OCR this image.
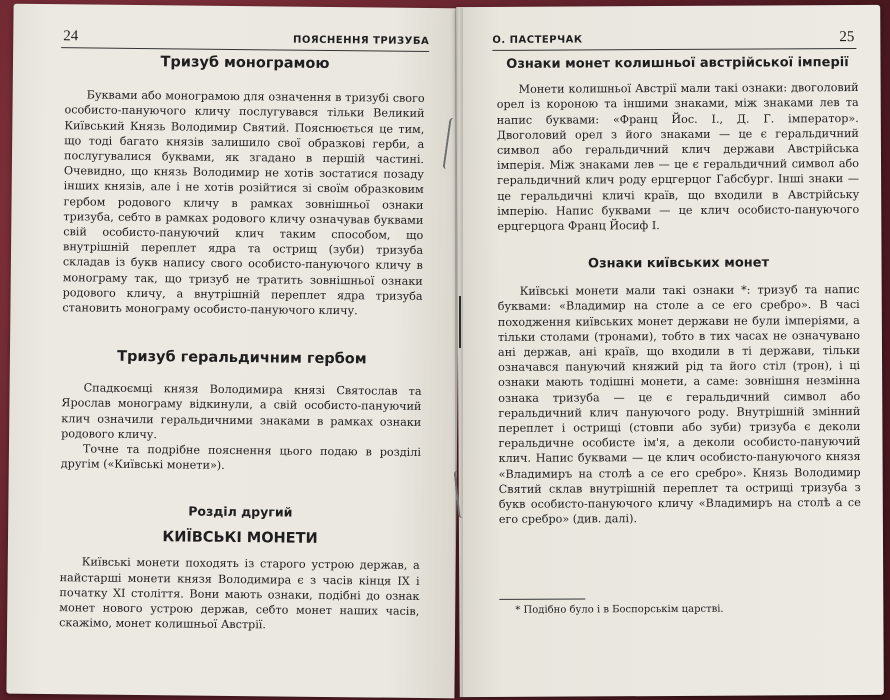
24	ПОЯСНЕННЯ ТРИЗУБА
Тризуб монограмою

Буквами або монограмою для означення в тризубі свого особисто-пануючого кличу послугувався тільки Великий Київський Князь Володимир Святий. Пояснюється це тим, що тоді багато князів залишило свої образкові герби, а послугувалися буквами, як згадано в першій частині. Очевидно, що князь Володимир не хотів зостатися позаду інших князів, але і не хотів розійтися зі своїм образковим гербом родового кличу в рамках зовнішньої ознаки тризуба, себто в рамках родового кличу означував буквами свій особисто-пануючий клич таким способом, що внутрішній переплет ядра та острищ (зуби) тризуба складав із букв напису свого особисто-пануючого кличу в монограму так, що тризуб не тратить зовнішньої ознаки родового кличу, а внутрішній переплет ядра тризуба становить монограму особисто-пануючого кличу.

Тризуб геральдичним гербом

Спадкоємці князя Володимира князі Святослав та Ярослав монограму відкинули, а свій особисто-пануючий клич означили геральдичними знаками в рамках ознаки родового кличу.

Точне та подрібне пояснення цього подаю в розділі другім («Київські монети»).

Розділ другий
КИЇВСЬКІ МОНЕТИ

Київські монети походять із старого устрою держав, а найстарші монети князя Володимира є з часів кінця IX і початку XI століття. Вони мають ознаки, подібні до ознак монет нового устрою держав, себто монет наших часів, скажімо, монет колишньої Австрії.

О. ПАСТЕРЧАК	25
Ознаки монет колишньої австрійської імперії

Монети колишньої Австрії мали такі ознаки: двоголовий орел із короною та іншими знаками, між знаками лев та напис буквами: «Франц Йос. І., Д. Г. імператор». Двоголовий орел з його знаками — це є геральдичний символ або геральдичний клич держави Австрійська імперія. Між знаками лев — це є геральдичний символ або геральдичний клич роду ерцгерцог Габсбург. Інші знаки — це геральдичні кличі країв, що входили в Австрійську імперію. Напис буквами — це клич особисто-пануючого ерцгерцога Франц Йосиф І.

Ознаки київських монет

Київські монети мали такі ознаки *: тризуб та напис буквами: «Владимир на столе а се его сребро». В часі походження київських монет держави не були імперіями, а тільки столами (тронами), тобто в тих часах не означувано ані держав, ані країв, що входили в ті держави, тільки означався пануючий княжий рід та його стіл (трон), і ці ознаки мають тодішні монети, а саме: зовнішня незмінна ознака тризуба — це є геральдичний символ або геральдичний клич пануючого роду. Внутрішній змінний переплет і острищі (стовпи або зуби) тризуба є деколи геральдичне особисте ім'я, а деколи особисто-пануючий клич. Напис буквами — це клич особисто-пануючого князя «Владимиръ на столѣ а се его сребро». Князь Володимир Святий склав внутрішній переплет та острищі тризуба з букв особисто-пануючого кличу «Владимиръ на столѣ а се его сребро» (див. далі).

* Подібно було і в Боспорськім царстві.
